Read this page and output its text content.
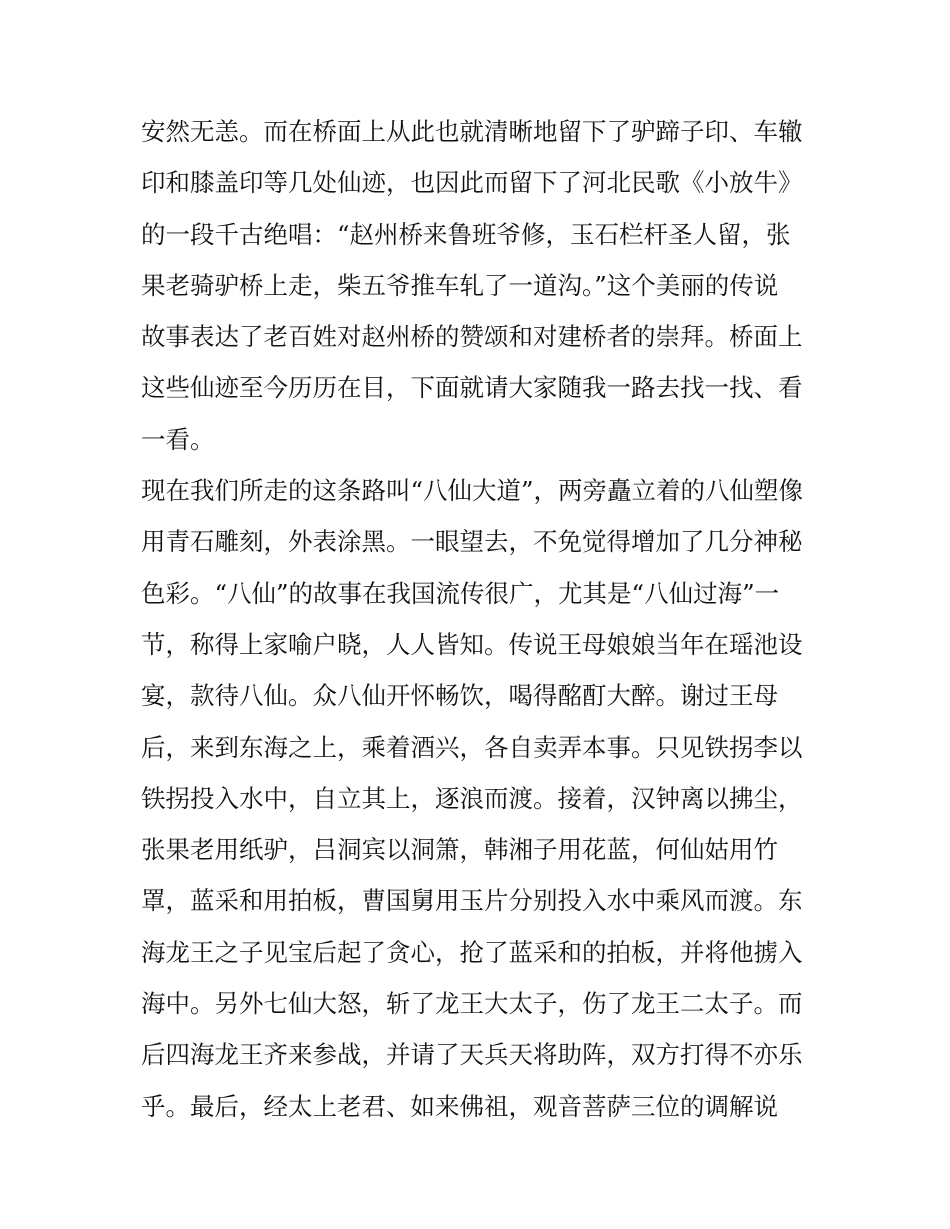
安然无恙。而在桥面上从此也就清晰地留下了驴蹄子印、车辙
印和膝盖印等几处仙迹，也因此而留下了河北民歌《小放牛》
的一段千古绝唱：“赵州桥来鲁班爷修，玉石栏杆圣人留，张
果老骑驴桥上走，柴五爷推车轧了一道沟。”这个美丽的传说
故事表达了老百姓对赵州桥的赞颂和对建桥者的崇拜。桥面上
这些仙迹至今历历在目，下面就请大家随我一路去找一找、看
一看。
现在我们所走的这条路叫“八仙大道”，两旁矗立着的八仙塑像
用青石雕刻，外表涂黑。一眼望去，不免觉得增加了几分神秘
色彩。“八仙”的故事在我国流传很广，尤其是“八仙过海”一
节，称得上家喻户晓，人人皆知。传说王母娘娘当年在瑶池设
宴，款待八仙。众八仙开怀畅饮，喝得酩酊大醉。谢过王母
后，来到东海之上，乘着酒兴，各自卖弄本事。只见铁拐李以
铁拐投入水中，自立其上，逐浪而渡。接着，汉钟离以拂尘，
张果老用纸驴，吕洞宾以洞箫，韩湘子用花蓝，何仙姑用竹
罩，蓝采和用拍板，曹国舅用玉片分别投入水中乘风而渡。东
海龙王之子见宝后起了贪心，抢了蓝采和的拍板，并将他掳入
海中。另外七仙大怒，斩了龙王大太子，伤了龙王二太子。而
后四海龙王齐来参战，并请了天兵天将助阵，双方打得不亦乐
乎。最后，经太上老君、如来佛祖，观音菩萨三位的调解说
